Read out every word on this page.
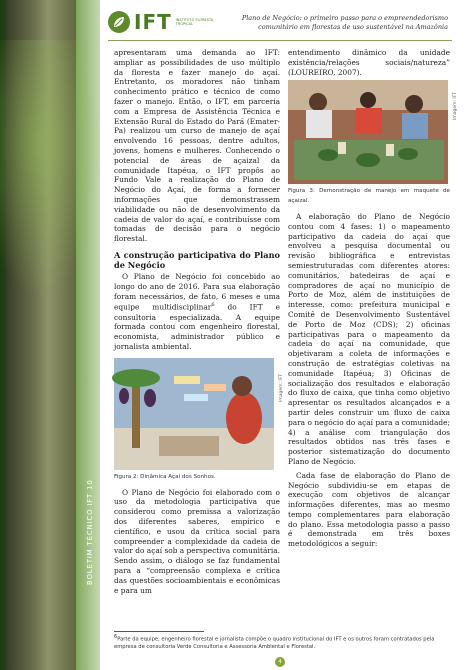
BOLETIM TÉCNICO IFT 10
IFT INSTITUTO FLORESTA TROPICAL
Plano de Negócio: o primeiro passo para o empreendedorismo
comunitário em florestas de uso sustentável na Amazônia

apresentaram uma demanda ao IFT: ampliar as possibilidades de uso múltiplo da floresta e fazer manejo do açaí. Entretanto, os moradores não tinham conhecimento prático e técnico de como fazer o manejo. Então, o IFT, em parceria com a Empresa de Assistência Técnica e Extensão Rural do Estado do Pará (Emater-Pa) realizou um curso de manejo de açaí envolvendo 16 pessoas, dentre adultos, jovens, homens e mulheres. Conhecendo o potencial de áreas de açaizal da comunidade Itapéua, o IFT propôs ao Fundo Vale a realização do Plano de Negócio do Açaí, de forma a fornecer informações que demonstrassem viabilidade ou não de desenvolvimento da cadeia de valor do açaí, e contribuísse com tomadas de decisão para o negócio florestal.

A construção participativa do Plano de Negócio

O Plano de Negócio foi concebido ao longo do ano de 2016. Para sua elaboração foram necessários, de fato, 6 meses e uma equipe multidisciplinar$^6$ do IFT e consultoria especializada. A equipe formada contou com engenheiro florestal, economista, administrador público e jornalista ambiental.

Imagem: IFT
Figura 2: Dinâmica Açaí dos Sonhos.

O Plano de Negócio foi elaborado com o uso da metodologia participativa que considerou como premissa a valorização dos diferentes saberes, empírico e científico, e usou da crítica social para compreender a complexidade da cadeia de valor do açaí sob a perspectiva comunitária. Sendo assim, o diálogo se faz fundamental para a “compreensão complexa e crítica das questões socioambientais e econômicas e para um

entendimento dinâmico da unidade existência/relações sociais/natureza” (LOUREIRO, 2007).

Imagem: IFT
Figura 3: Demonstração de manejo em maquete de açaizal.

A elaboração do Plano de Negócio contou com 4 fases: 1) o mapeamento participativo da cadeia do açaí que envolveu a pesquisa documental ou revisão bibliográfica e entrevistas semiestruturadas com diferentes atores: comunitários, batedeiras de açaí e compradores de açaí no município de Porto de Moz, além de instituições de interesse, como: prefeitura municipal e Comitê de Desenvolvimento Sustentável de Porto de Moz (CDS); 2) oficinas participativas para o mapeamento da cadeia do açaí na comunidade, que objetivaram a coleta de informações e construção de estratégias coletivas na comunidade Itapéua; 3) Oficinas de socialização dos resultados e elaboração do fluxo de caixa, que tinha como objetivo apresentar os resultados alcançados e a partir deles construir um fluxo de caixa para o negócio do açaí para a comunidade; 4) a análise com triangulação dos resultados obtidos nas três fases e posterior sistematização do documento Plano de Negócio.

Cada fase de elaboração do Plano de Negócio subdividiu-se em etapas de execução com objetivos de alcançar informações diferentes, mas ao mesmo tempo complementares para elaboração do plano. Essa metodologia passo a passo é demonstrada em três boxes metodológicos a seguir:

$^6$Parte da equipe, engenheiro florestal e jornalista compõe o quadro institucional do IFT e os outros foram contratados pela empresa de consultoria Verde Consultoria e Assessoria Ambiental e Florestal.
4
